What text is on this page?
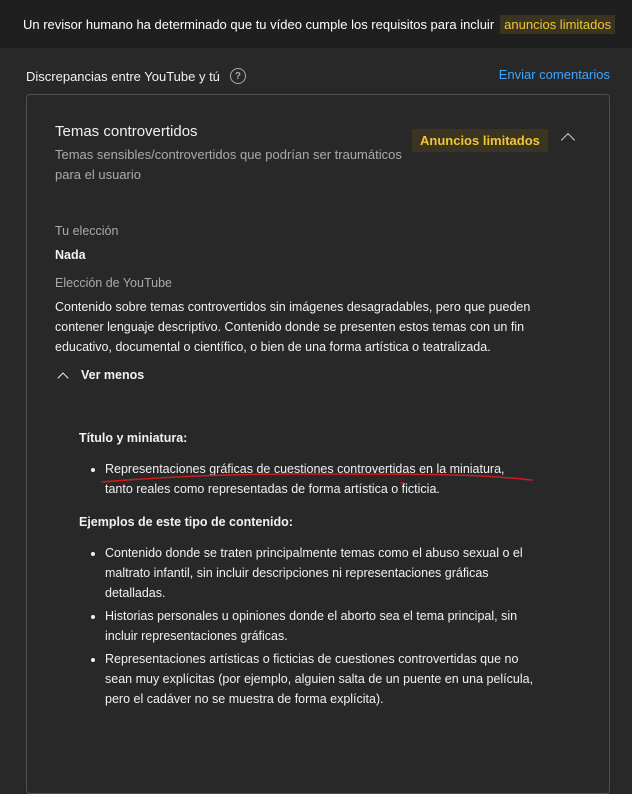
Un revisor humano ha determinado que tu vídeo cumple los requisitos para incluir anuncios limitados
Discrepancias entre YouTube y tú	?	Enviar comentarios
Temas controvertidos
Temas sensibles/controvertidos que podrían ser traumáticos para el usuario
Anuncios limitados
Tu elección
Nada
Elección de YouTube
Contenido sobre temas controvertidos sin imágenes desagradables, pero que pueden contener lenguaje descriptivo. Contenido donde se presenten estos temas con un fin educativo, documental o científico, o bien de una forma artística o teatralizada.
Ver menos
Título y miniatura:
• Representaciones gráficas de cuestiones controvertidas en la miniatura, tanto reales como representadas de forma artística o ficticia.
Ejemplos de este tipo de contenido:
• Contenido donde se traten principalmente temas como el abuso sexual o el maltrato infantil, sin incluir descripciones ni representaciones gráficas detalladas.
• Historias personales u opiniones donde el aborto sea el tema principal, sin incluir representaciones gráficas.
• Representaciones artísticas o ficticias de cuestiones controvertidas que no sean muy explícitas (por ejemplo, alguien salta de un puente en una película, pero el cadáver no se muestra de forma explícita).
